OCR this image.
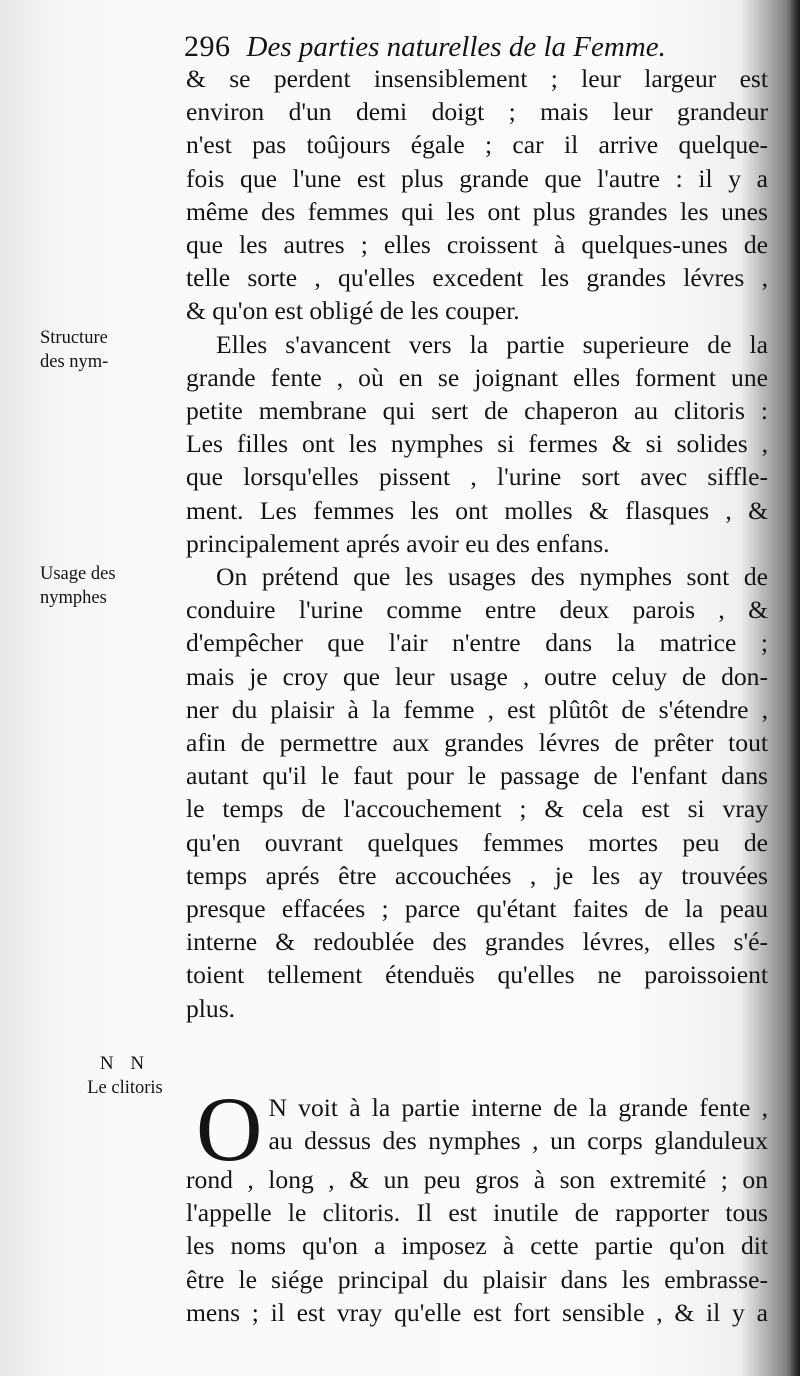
296 Des parties naturelles de la Femme.
Structure
des nym-
Usage des
nymphes
N N
Le clitoris
& se perdent insensiblement ; leur largeur est
environ d'un demi doigt ; mais leur grandeur
n'est pas toûjours égale ; car il arrive quelque-
fois que l'une est plus grande que l'autre : il y a
même des femmes qui les ont plus grandes les unes
que les autres ; elles croissent à quelques-unes de
telle sorte , qu'elles excedent les grandes lévres ,
& qu'on est obligé de les couper.
Elles s'avancent vers la partie superieure de la
grande fente , où en se joignant elles forment une
petite membrane qui sert de chaperon au clitoris :
Les filles ont les nymphes si fermes & si solides ,
que lorsqu'elles pissent , l'urine sort avec siffle-
ment. Les femmes les ont molles & flasques , &
principalement aprés avoir eu des enfans.
On prétend que les usages des nymphes sont de
conduire l'urine comme entre deux parois , &
d'empêcher que l'air n'entre dans la matrice ;
mais je croy que leur usage , outre celuy de don-
ner du plaisir à la femme , est plûtôt de s'étendre ,
afin de permettre aux grandes lévres de prêter tout
autant qu'il le faut pour le passage de l'enfant dans
le temps de l'accouchement ; & cela est si vray
qu'en ouvrant quelques femmes mortes peu de
temps aprés être accouchées , je les ay trouvées
presque effacées ; parce qu'étant faites de la peau
interne & redoublée des grandes lévres, elles s'é-
toient tellement étenduës qu'elles ne paroissoient
plus.
O N voit à la partie interne de la grande fente ,
au dessus des nymphes , un corps glanduleux
rond , long , & un peu gros à son extremité ; on
l'appelle le clitoris. Il est inutile de rapporter tous
les noms qu'on a imposez à cette partie qu'on dit
être le siége principal du plaisir dans les embrasse-
mens ; il est vray qu'elle est fort sensible , & il y a
